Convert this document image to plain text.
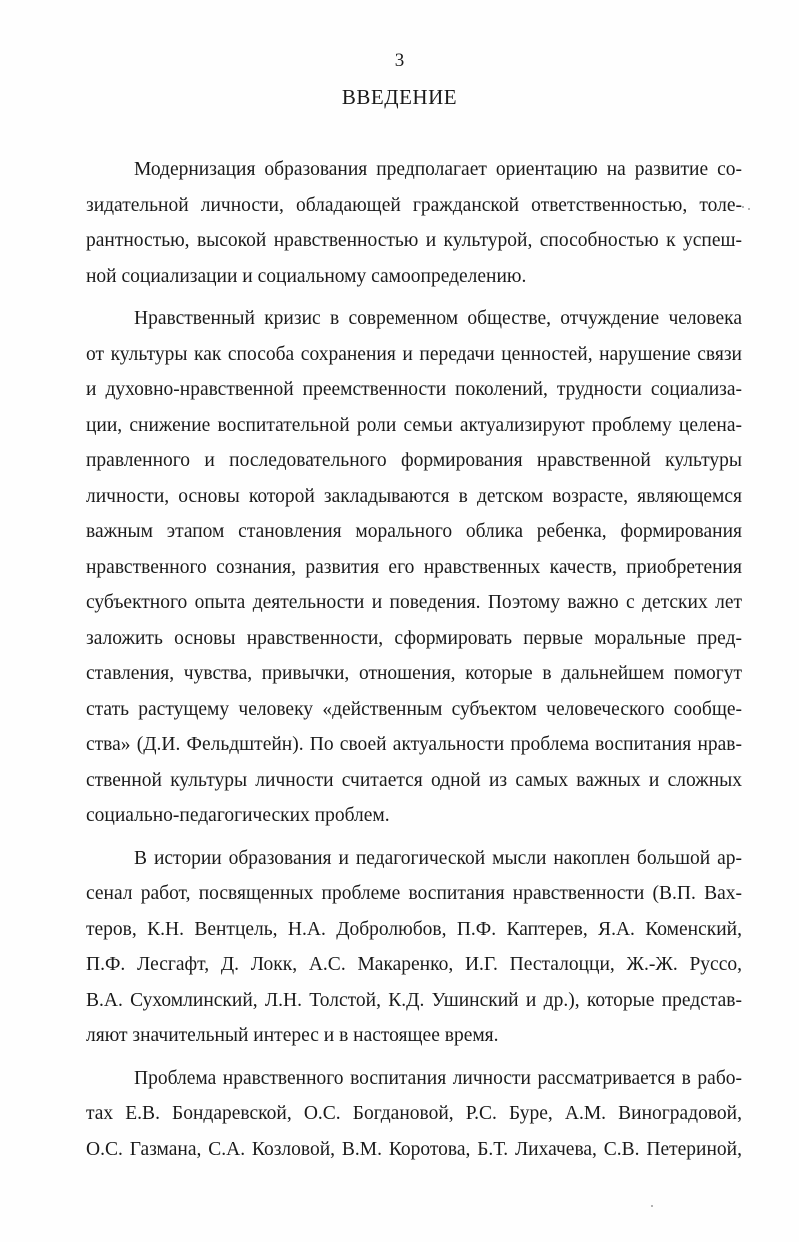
3
ВВЕДЕНИЕ
Модернизация образования предполагает ориентацию на развитие со-
зидательной личности, обладающей гражданской ответственностью, толе-
рантностью, высокой нравственностью и культурой, способностью к успеш-
ной социализации и социальному самоопределению.
Нравственный кризис в современном обществе, отчуждение человека
от культуры как способа сохранения и передачи ценностей, нарушение связи
и духовно-нравственной преемственности поколений, трудности социализа-
ции, снижение воспитательной роли семьи актуализируют проблему целена-
правленного и последовательного формирования нравственной культуры
личности, основы которой закладываются в детском возрасте, являющемся
важным этапом становления морального облика ребенка, формирования
нравственного сознания, развития его нравственных качеств, приобретения
субъектного опыта деятельности и поведения. Поэтому важно с детских лет
заложить основы нравственности, сформировать первые моральные пред-
ставления, чувства, привычки, отношения, которые в дальнейшем помогут
стать растущему человеку «действенным субъектом человеческого сообще-
ства» (Д.И. Фельдштейн). По своей актуальности проблема воспитания нрав-
ственной культуры личности считается одной из самых важных и сложных
социально-педагогических проблем.
В истории образования и педагогической мысли накоплен большой ар-
сенал работ, посвященных проблеме воспитания нравственности (В.П. Вах-
теров, К.Н. Вентцель, Н.А. Добролюбов, П.Ф. Каптерев, Я.А. Коменский,
П.Ф. Лесгафт, Д. Локк, А.С. Макаренко, И.Г. Песталоцци, Ж.-Ж. Руссо,
В.А. Сухомлинский, Л.Н. Толстой, К.Д. Ушинский и др.), которые представ-
ляют значительный интерес и в настоящее время.
Проблема нравственного воспитания личности рассматривается в рабо-
тах Е.В. Бондаревской, О.С. Богдановой, Р.С. Буре, А.М. Виноградовой,
О.С. Газмана, С.А. Козловой, В.М. Коротова, Б.Т. Лихачева, С.В. Петериной,
